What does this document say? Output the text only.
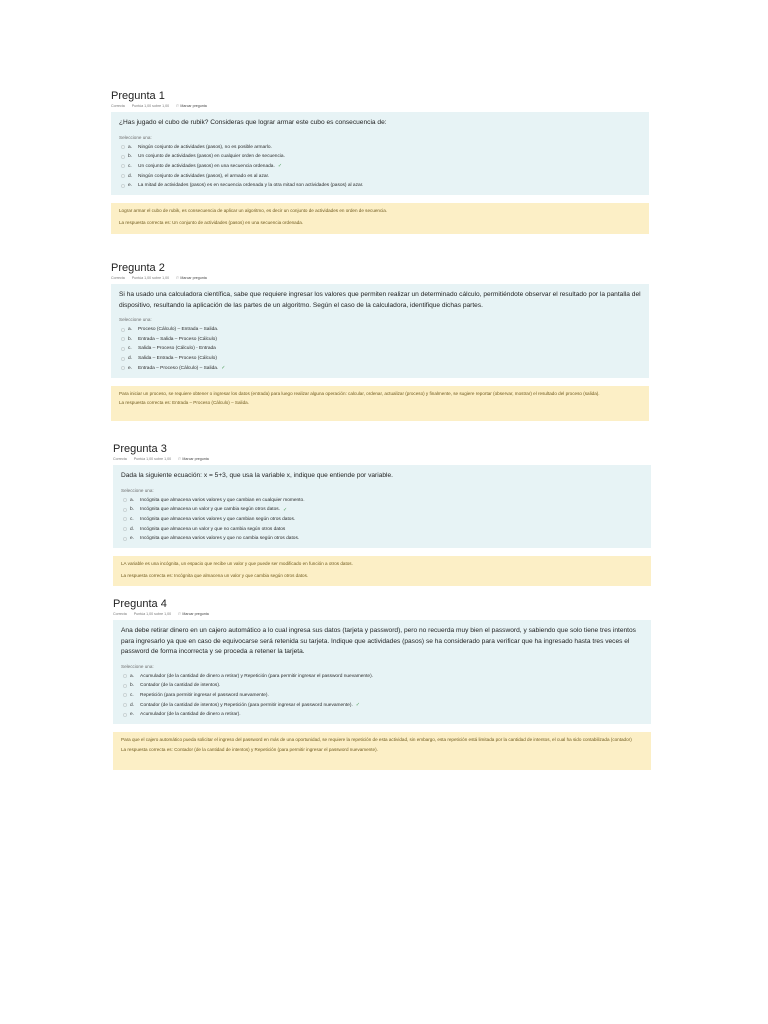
Pregunta 1
Correcta Puntúa 1,00 sobre 1,00 ⚐Marcar pregunta
¿Has jugado el cubo de rubik? Consideras que lograr armar este cubo es consecuencia de:
Seleccione una:
a.	Ningún conjunto de actividades (pasos), no es posible armarlo.
b.	Un conjunto de actividades (pasos) en cualquier orden de secuencia.
c.	Un conjunto de actividades (pasos) en una secuencia ordenada. ✓
d.	Ningún conjunto de actividades (pasos), el armado es al azar.
e.	La mitad de actividades (pasos) es en secuencia ordenada y la otra mitad son actividades (pasos) al azar.

Lograr armar el cubo de rubik, es consecuencia de aplicar un algoritmo, es decir un conjunto de actividades en orden de secuencia.

La respuesta correcta es: Un conjunto de actividades (pasos) en una secuencia ordenada.

Pregunta 2
Correcta Puntúa 1,00 sobre 1,00 ⚐Marcar pregunta
Si ha usado una calculadora científica, sabe que requiere ingresar los valores que permiten realizar un determinado cálculo, permitiéndote observar el resultado por la pantalla del dispositivo, resultando la aplicación de las partes de un algoritmo. Según el caso de la calculadora, identifique dichas partes.
Seleccione una:
a.	Proceso (Cálculo) – Entrada – Salida.
b.	Entrada – Salida – Proceso (Cálculo)
c.	Salida – Proceso (Cálculo) - Entrada
d.	Salida – Entrada – Proceso (Cálculo)
e.	Entrada – Proceso (Cálculo) – Salida. ✓

Para iniciar un proceso, se requiere obtener o ingresar los datos (entrada) para luego realizar alguna operación: calcular, ordenar, actualizar (proceso) y finalmente, se sugiere reportar (observar, mostrar) el resultado del proceso (salida).

La respuesta correcta es: Entrada – Proceso (Cálculo) – Salida.

Pregunta 3
Correcta Puntúa 1,00 sobre 1,00 ⚐Marcar pregunta
Dada la siguiente ecuación: x = 5+3, que usa la variable x, indique que entiende por variable.
Seleccione una:
a.	Incógnita que almacena varios valores y que cambian en cualquier momento.
b.	Incógnita que almacena un valor y que cambia según otros datos. ✓
c.	Incógnita que almacena varios valores y que cambian según otros datos.
d.	Incógnita que almacena un valor y que no cambia según otros datos
e.	Incógnita que almacena varios valores y que no cambia según otros datos.

LA variable es una incógnita, un espacio que recibe un valor y que puede ser modificado en función a otros datos.

La respuesta correcta es: Incógnita que almacena un valor y que cambia según otros datos.

Pregunta 4
Correcta Puntúa 1,00 sobre 1,00 ⚐Marcar pregunta
Ana debe retirar dinero en un cajero automático a lo cual ingresa sus datos (tarjeta y password), pero no recuerda muy bien el password, y sabiendo que solo tiene tres intentos para ingresarlo ya que en caso de equivocarse será retenida su tarjeta. Indique que actividades (pasos) se ha considerado para verificar que ha ingresado hasta tres veces el password de forma incorrecta y se proceda a retener la tarjeta.
Seleccione una:
a.	Acumulador (de la cantidad de dinero a retirar) y Repetición (para permitir ingresar el password nuevamente).
b.	Contador (de la cantidad de intentos).
c.	Repetición (para permitir ingresar el password nuevamente).
d.	Contador (de la cantidad de intentos) y Repetición (para permitir ingresar el password nuevamente). ✓
e.	Acumulador (de la cantidad de dinero a retirar).

Para que el cajero automático pueda solicitar el ingreso del password en más de una oportunidad, se requiere la repetición de esta actividad, sin embargo, esta repetición está limitada por la cantidad de intentos, el cual ha sido contabilizada (contador)

La respuesta correcta es: Contador (de la cantidad de intentos) y Repetición (para permitir ingresar el password nuevamente).
